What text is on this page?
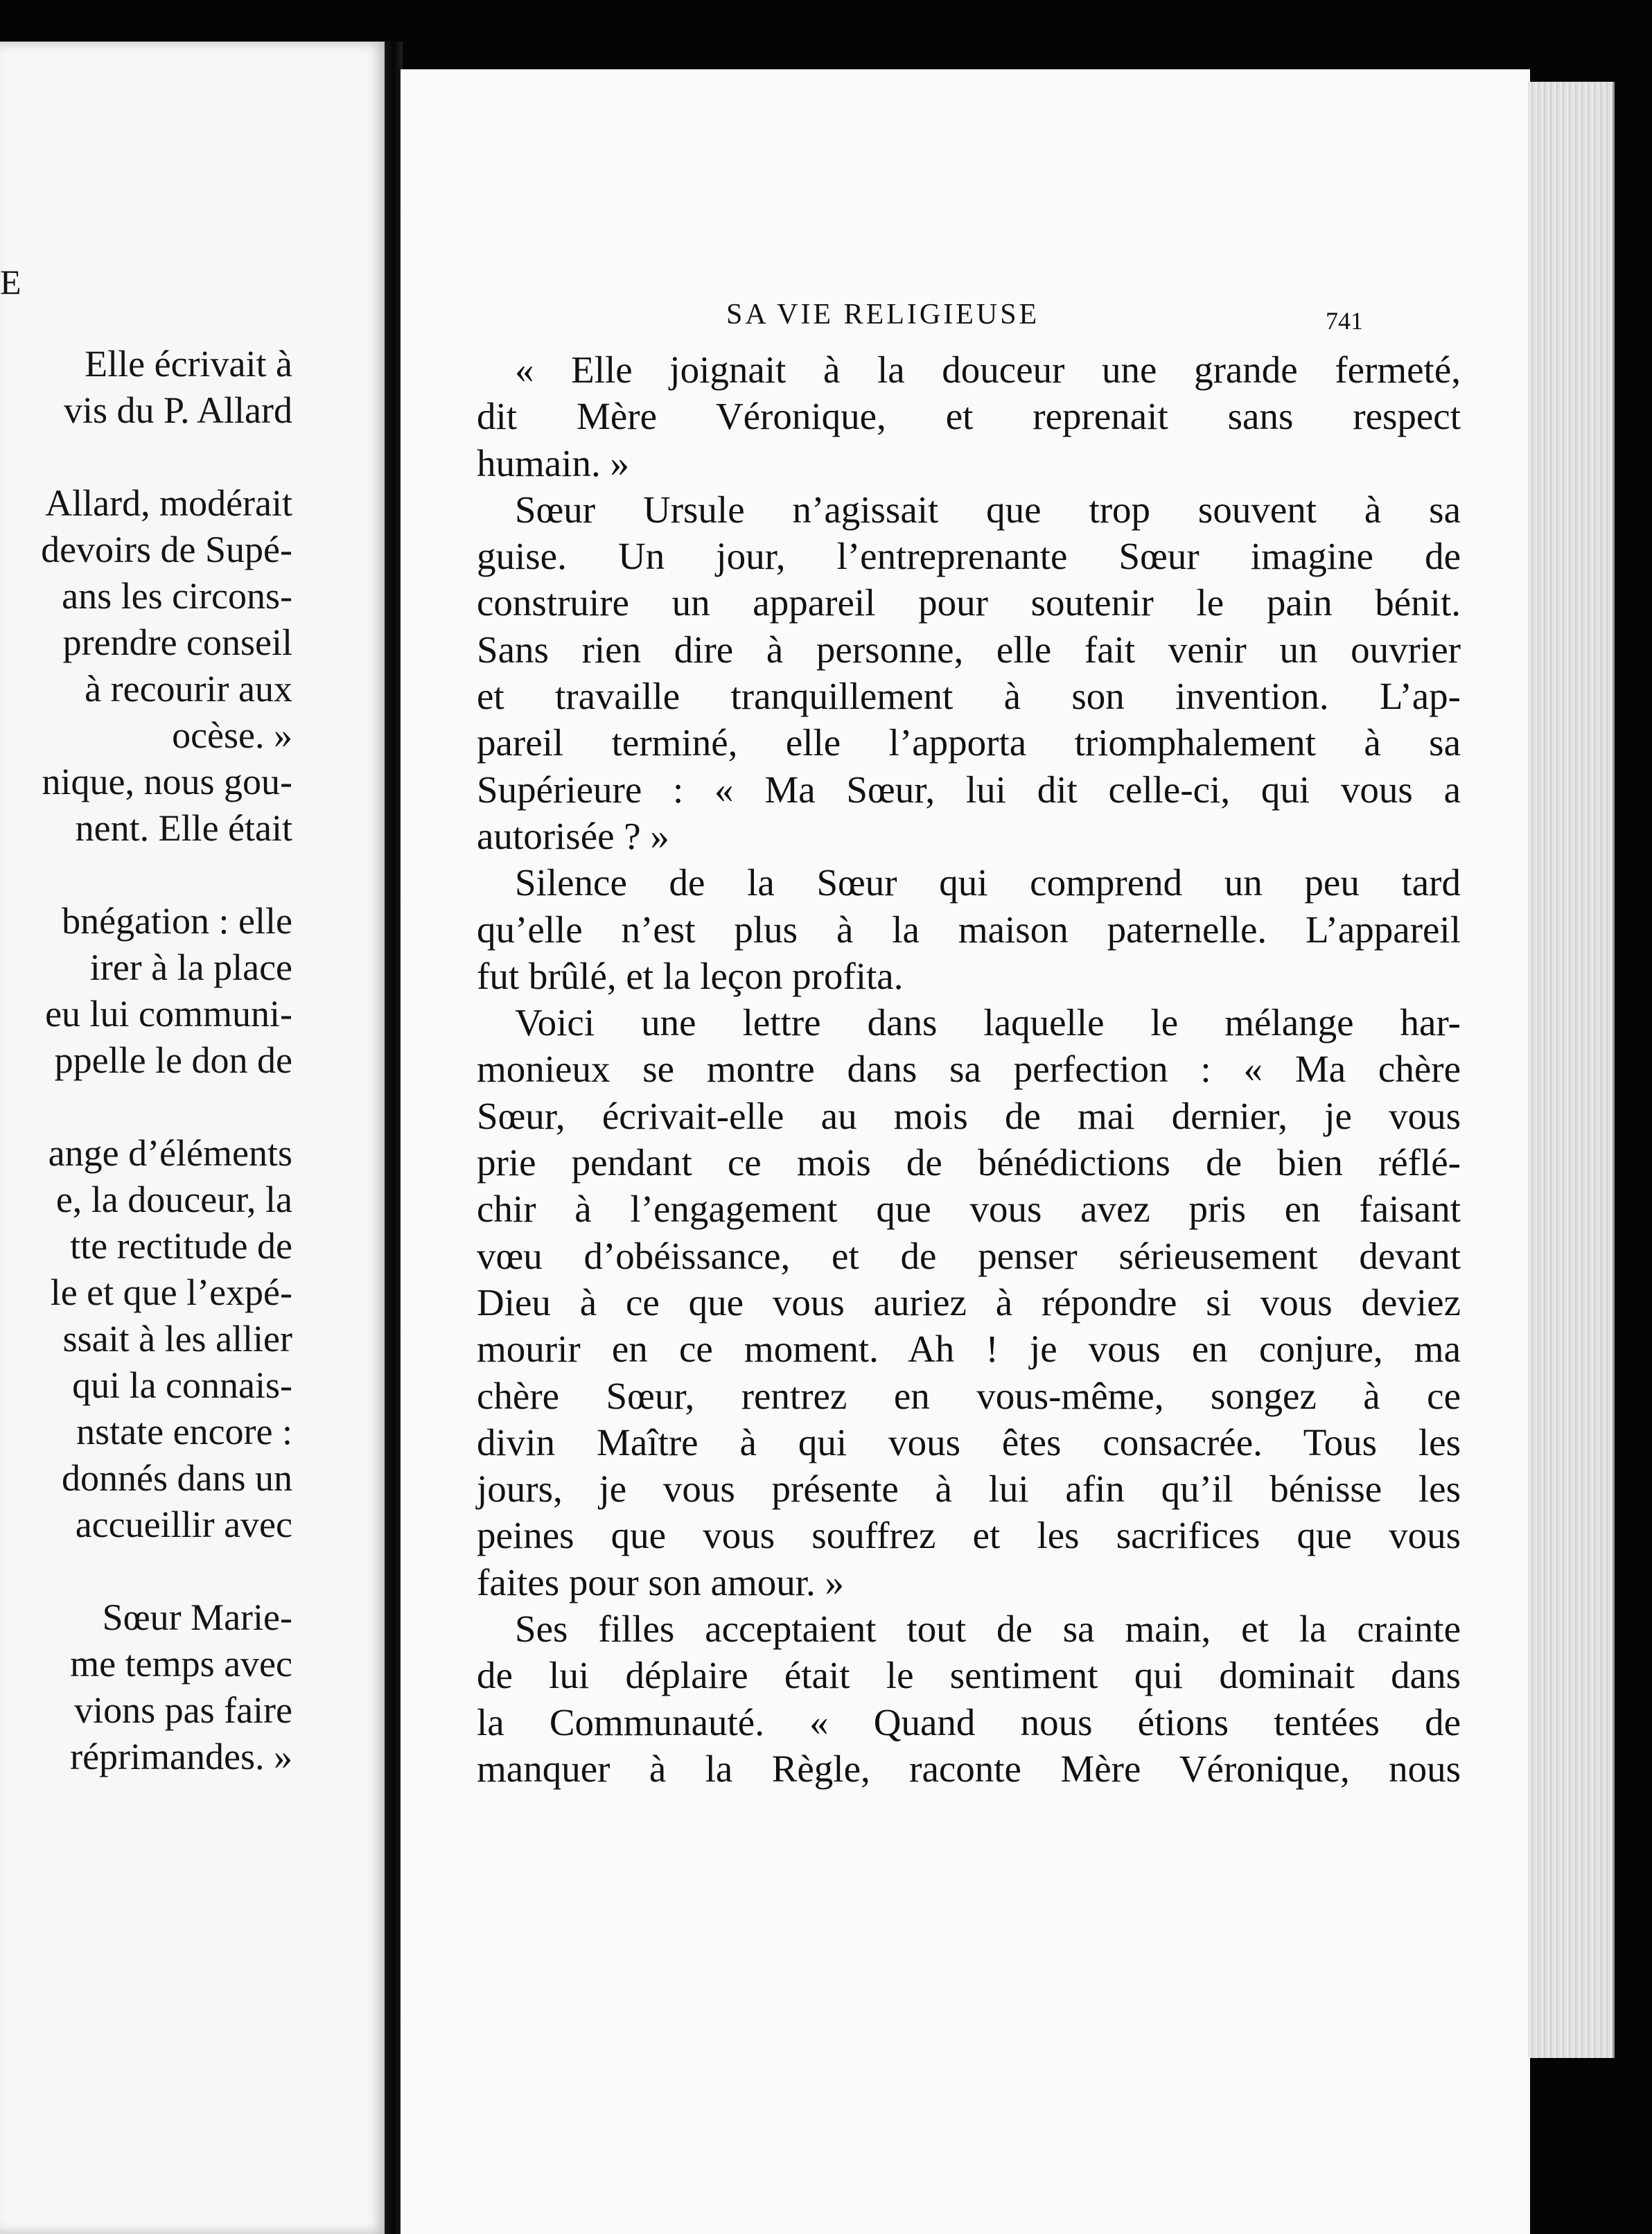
E
Elle écrivait à
vis du P. Allard
Allard, modérait
devoirs de Supé-
ans les circons-
prendre conseil
à recourir aux
ocèse. »
nique, nous gou-
nent. Elle était
bnégation : elle
irer à la place
eu lui communi-
ppelle le don de
ange d’éléments
e, la douceur, la
tte rectitude de
le et que l’expé-
ssait à les allier
qui la connais-
nstate encore :
donnés dans un
accueillir avec
Sœur Marie-
me temps avec
vions pas faire
réprimandes. »
SA VIE RELIGIEUSE	741
« Elle joignait à la douceur une grande fermeté,
dit Mère Véronique, et reprenait sans respect
humain. »
Sœur Ursule n’agissait que trop souvent à sa
guise. Un jour, l’entreprenante Sœur imagine de
construire un appareil pour soutenir le pain bénit.
Sans rien dire à personne, elle fait venir un ouvrier
et travaille tranquillement à son invention. L’ap-
pareil terminé, elle l’apporta triomphalement à sa
Supérieure : « Ma Sœur, lui dit celle-ci, qui vous a
autorisée ? »
Silence de la Sœur qui comprend un peu tard
qu’elle n’est plus à la maison paternelle. L’appareil
fut brûlé, et la leçon profita.
Voici une lettre dans laquelle le mélange har-
monieux se montre dans sa perfection : « Ma chère
Sœur, écrivait-elle au mois de mai dernier, je vous
prie pendant ce mois de bénédictions de bien réflé-
chir à l’engagement que vous avez pris en faisant
vœu d’obéissance, et de penser sérieusement devant
Dieu à ce que vous auriez à répondre si vous deviez
mourir en ce moment. Ah ! je vous en conjure, ma
chère Sœur, rentrez en vous-même, songez à ce
divin Maître à qui vous êtes consacrée. Tous les
jours, je vous présente à lui afin qu’il bénisse les
peines que vous souffrez et les sacrifices que vous
faites pour son amour. »
Ses filles acceptaient tout de sa main, et la crainte
de lui déplaire était le sentiment qui dominait dans
la Communauté. « Quand nous étions tentées de
manquer à la Règle, raconte Mère Véronique, nous
